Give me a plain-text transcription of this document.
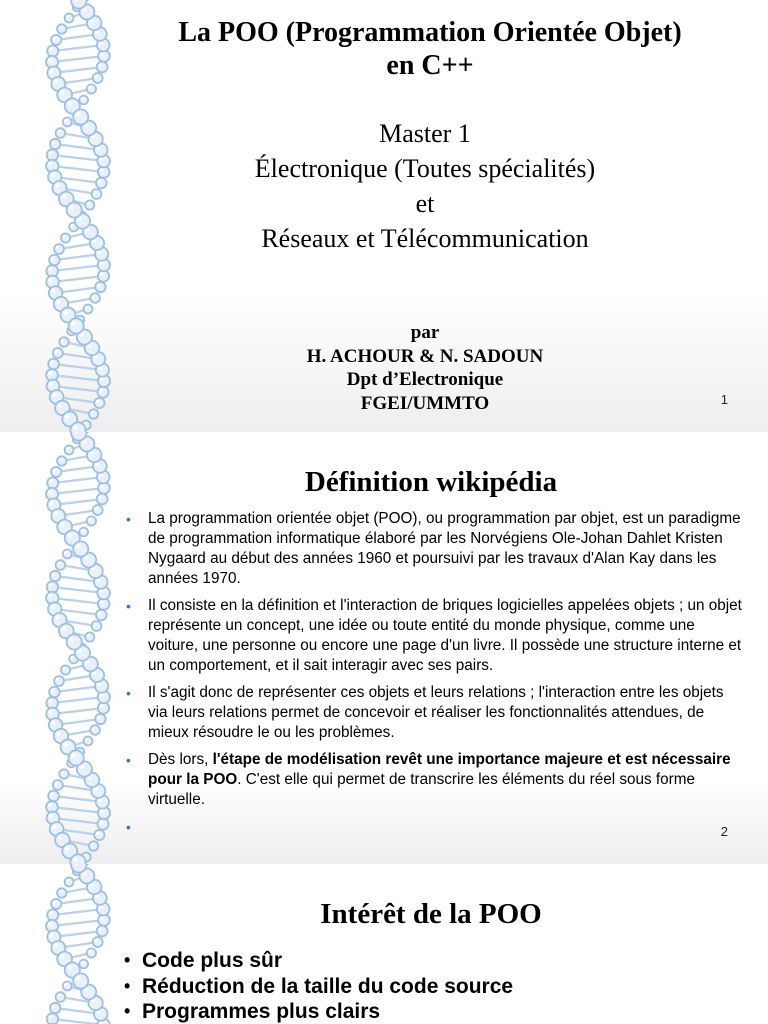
La POO (Programmation Orientée Objet)
en C++
Master 1
Électronique (Toutes spécialités)
et
Réseaux et Télécommunication
par
H. ACHOUR & N. SADOUN
Dpt d’Electronique
FGEI/UMMTO	1
Définition wikipédia
• La programmation orientée objet (POO), ou programmation par objet, est un paradigme de programmation informatique élaboré par les Norvégiens Ole-Johan Dahlet Kristen Nygaard au début des années 1960 et poursuivi par les travaux d'Alan Kay dans les années 1970.
• Il consiste en la définition et l'interaction de briques logicielles appelées objets ; un objet représente un concept, une idée ou toute entité du monde physique, comme une voiture, une personne ou encore une page d'un livre. Il possède une structure interne et un comportement, et il sait interagir avec ses pairs.
• Il s'agit donc de représenter ces objets et leurs relations ; l'interaction entre les objets via leurs relations permet de concevoir et réaliser les fonctionnalités attendues, de mieux résoudre le ou les problèmes.
• Dès lors, l'étape de modélisation revêt une importance majeure et est nécessaire pour la POO. C'est elle qui permet de transcrire les éléments du réel sous forme virtuelle.
•	2
Intérêt de la POO
• Code plus sûr
• Réduction de la taille du code source
• Programmes plus clairs
